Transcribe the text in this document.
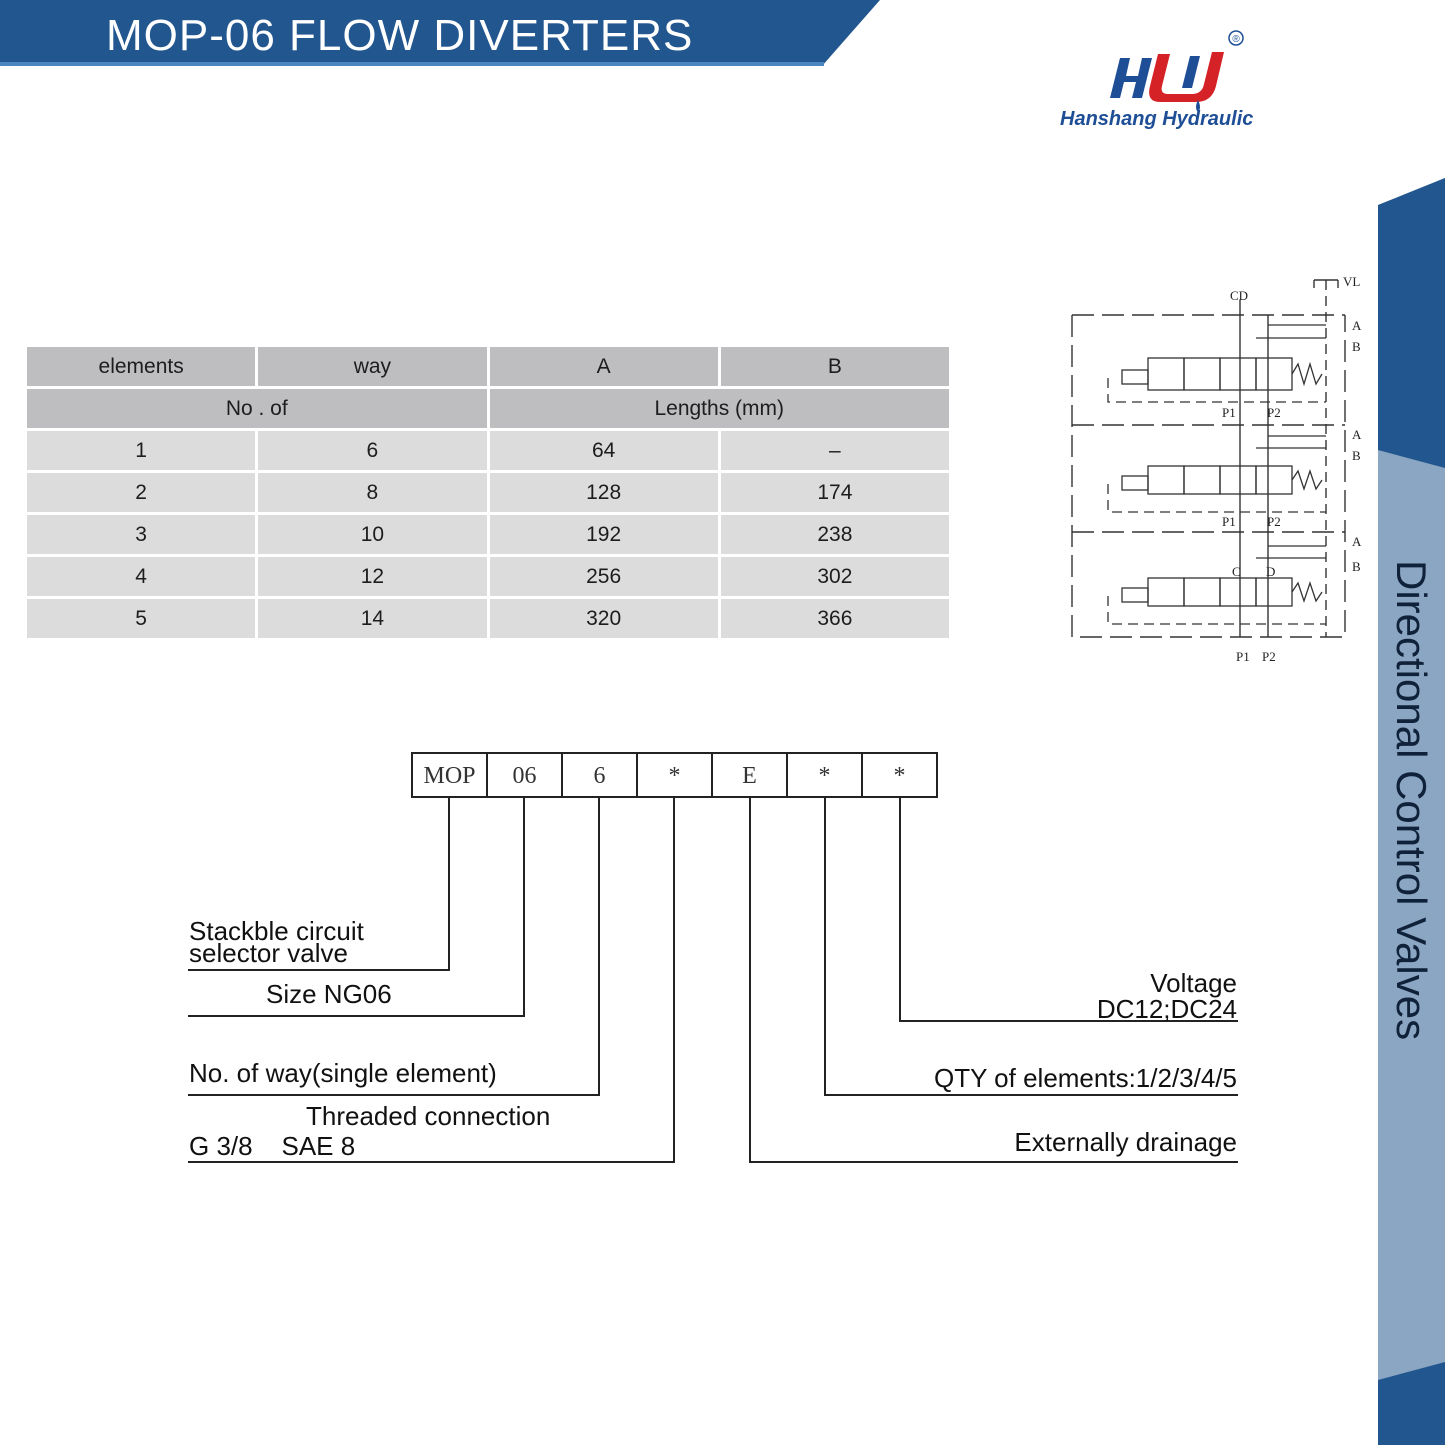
MOP-06 FLOW DIVERTERS	®
Hanshang Hydraulic
Directional Control Valves
elements	way	A	B
No . of		Lengths (mm)	
1	6	64	–
2	8	128	174
3	10	192	238
4	12	256	302
5	14	320	366
CD
VL
A
B
P1 P2
A
B
P1 P2
A
B
C D
P1 P2
MOP	06	6	*	E	*	*
Stackble circuit
selector valve
Size NG06
No. of way(single element)
Threaded connection
G 3/8    SAE 8
Voltage
DC12;DC24
QTY of elements:1/2/3/4/5
Externally drainage
